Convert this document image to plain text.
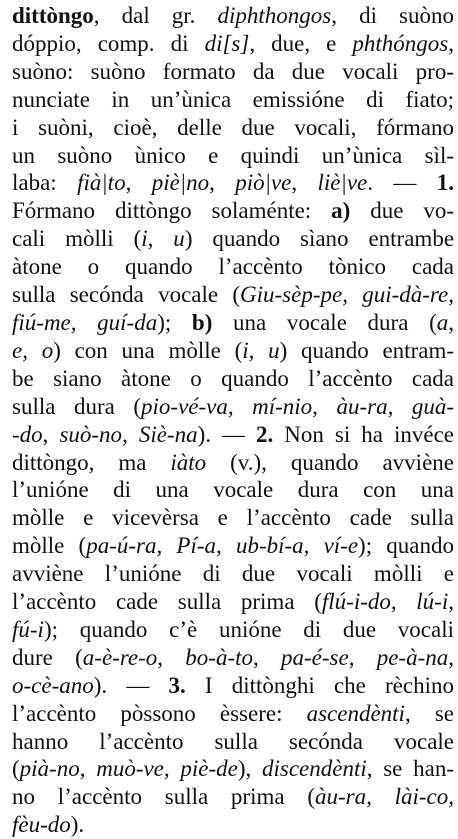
dittòngo, dal gr. diphthongos, di suòno
dóppio, comp. di di[s], due, e phthóngos,
suòno: suòno formato da due vocali pro-
nunciate in un’ùnica emissióne di fiato;
i suòni, cioè, delle due vocali, fórmano
un suòno ùnico e quindi un’ùnica sìl-
laba: fià|to, piè|no, piò|ve, liè|ve. — 1.
Fórmano dittòngo solaménte: a) due vo-
cali mòlli (i, u) quando sìano entrambe
àtone o quando l’accènto tònico cada
sulla secónda vocale (Giu-sèp-pe, gui-dà-re,
fiú-me, guí-da); b) una vocale dura (a,
e, o) con una mòlle (i, u) quando entram-
be siano àtone o quando l’accènto cada
sulla dura (pio-vé-va, mí-nio, àu-ra, guà-
-do, suò-no, Siè-na). — 2. Non si ha invéce
dittòngo, ma iàto (v.), quando avviène
l’unióne di una vocale dura con una
mòlle e vicevèrsa e l’accènto cade sulla
mòlle (pa-ú-ra, Pí-a, ub-bí-a, ví-e); quando
avviène l’unióne di due vocali mòlli e
l’accènto cade sulla prima (flú-i-do, lú-i,
fú-i); quando c’è unióne di due vocali
dure (a-è-re-o, bo-à-to, pa-é-se, pe-à-na,
o-cè-ano). — 3. I dittònghi che rèchino
l’accènto pòssono èssere: ascendènti, se
hanno l’accènto sulla secónda vocale
(pià-no, muò-ve, piè-de), discendènti, se han-
no l’accènto sulla prima (àu-ra, lài-co,
fèu-do).
